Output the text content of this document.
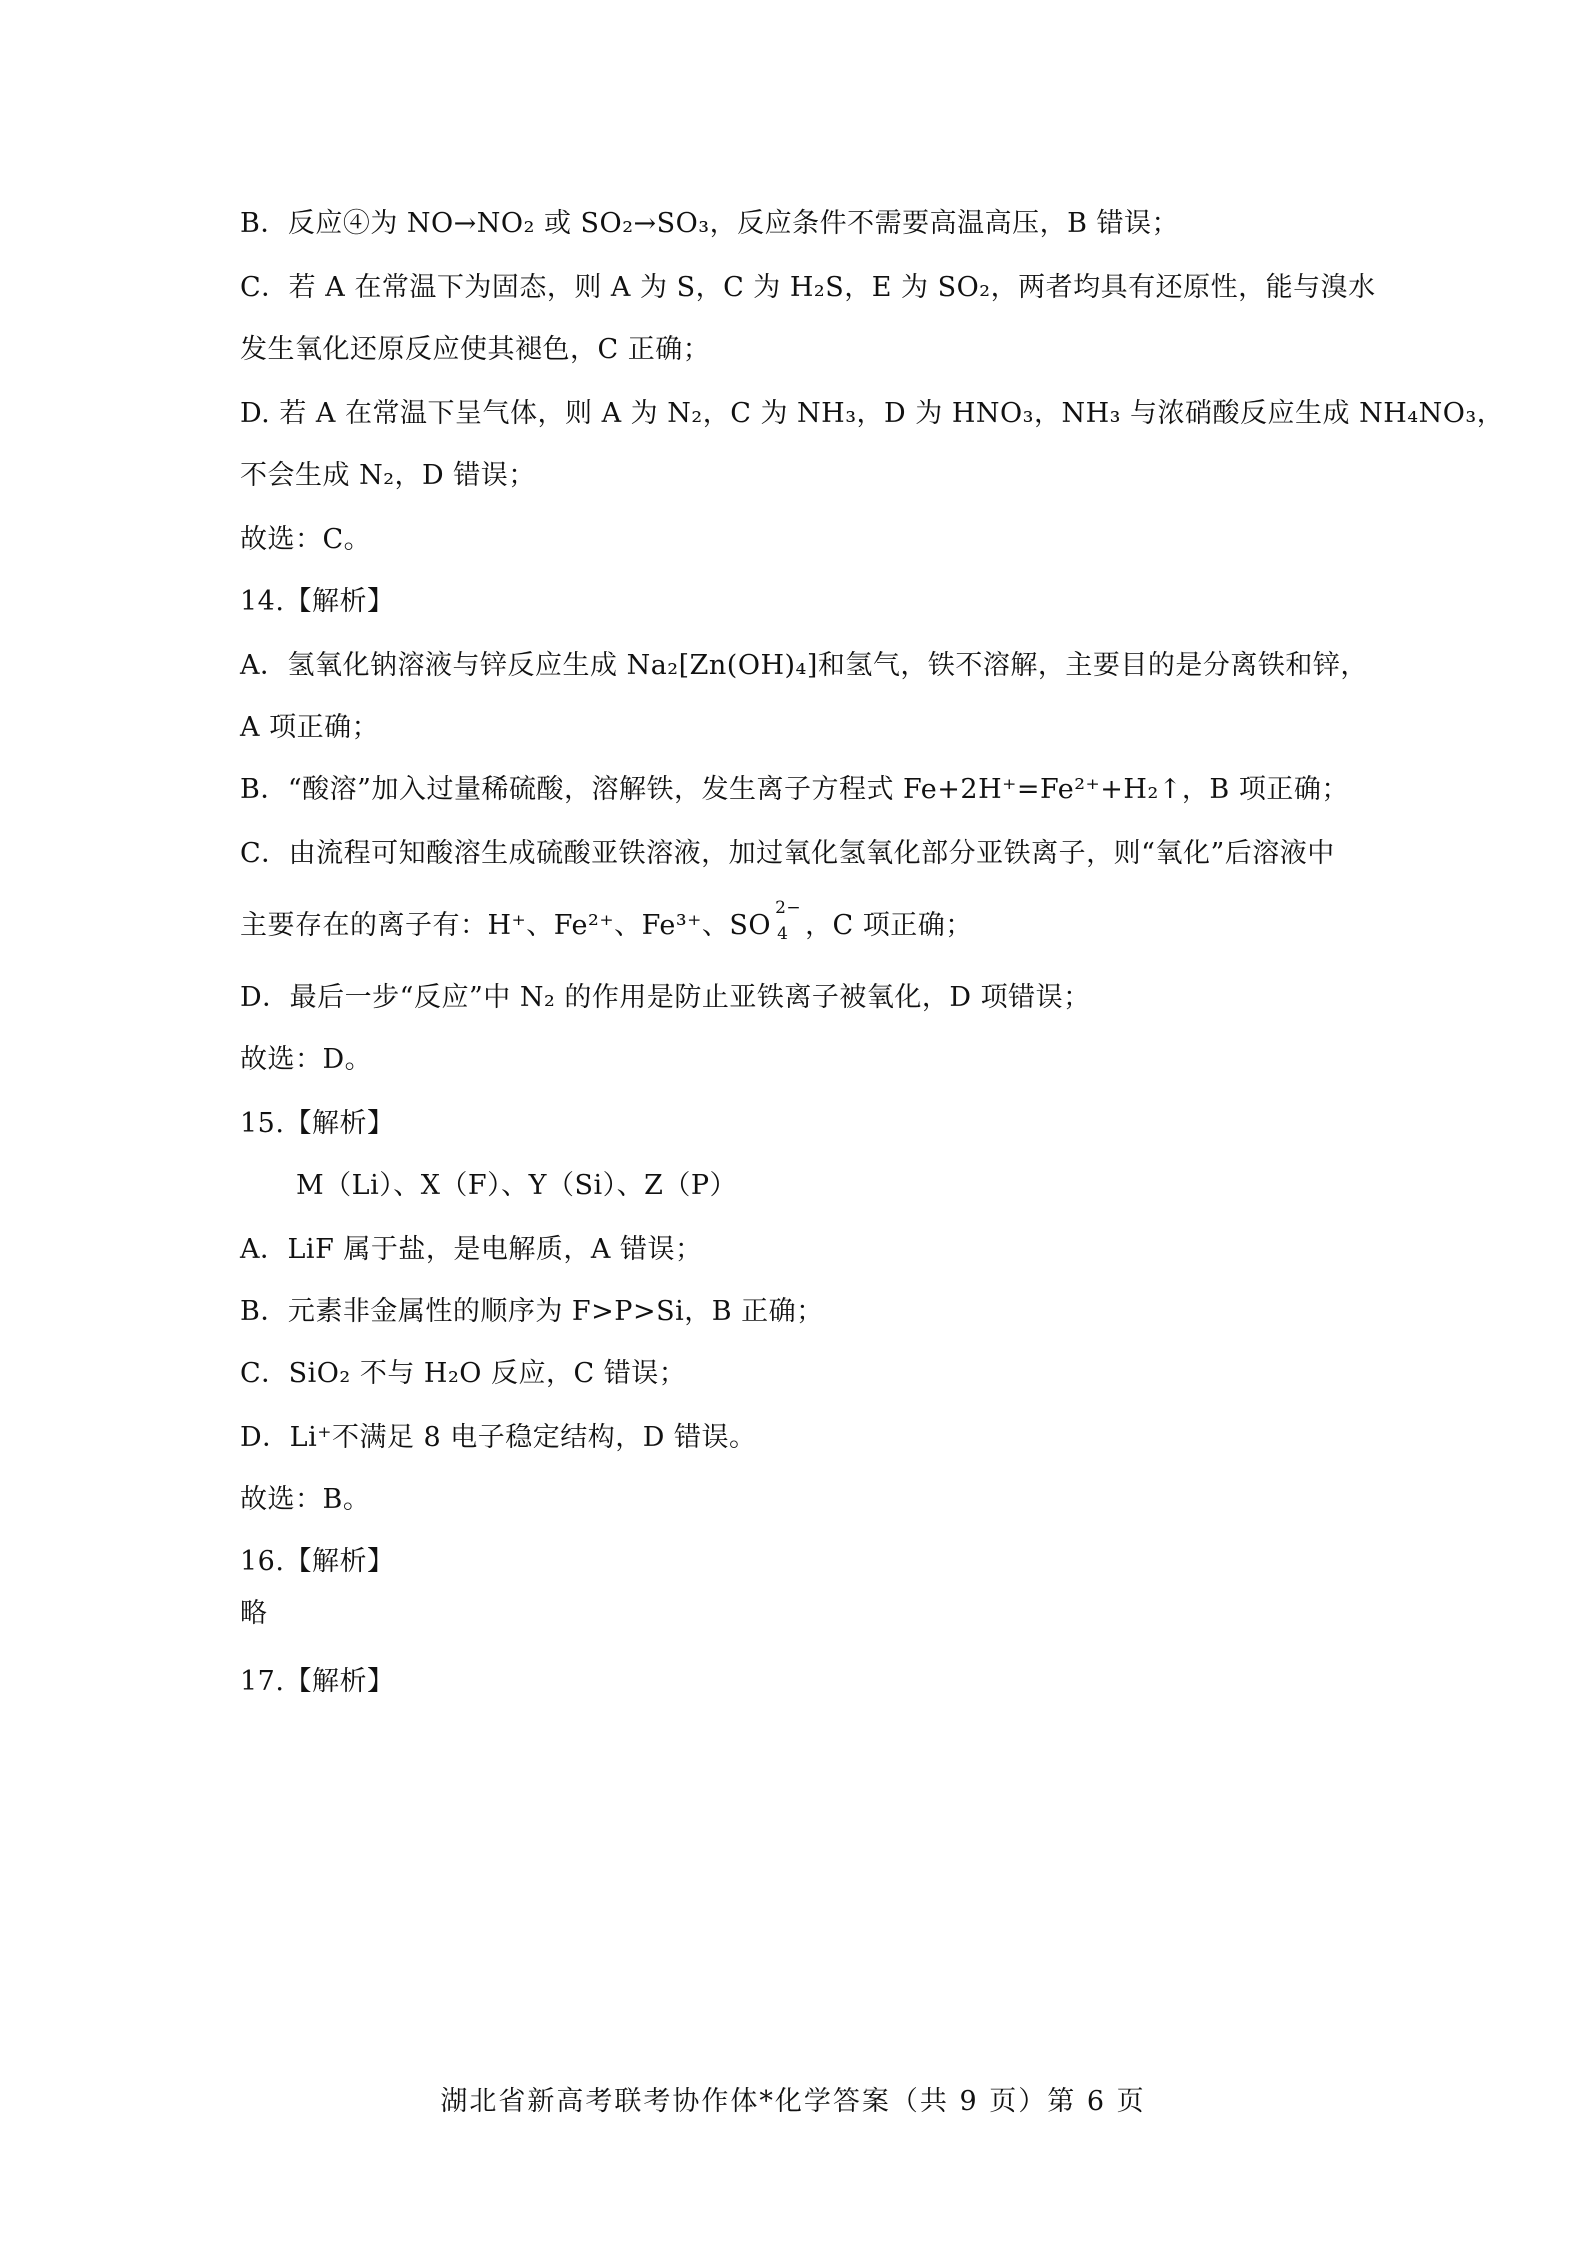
B．反应④为 NO→NO₂ 或 SO₂→SO₃，反应条件不需要高温高压，B 错误；
C．若 A 在常温下为固态，则 A 为 S，C 为 H₂S，E 为 SO₂，两者均具有还原性，能与溴水
发生氧化还原反应使其褪色，C 正确；
D. 若 A 在常温下呈气体，则 A 为 N₂，C 为 NH₃，D 为 HNO₃，NH₃ 与浓硝酸反应生成 NH₄NO₃，
不会生成 N₂，D 错误；
故选：C。
14.【解析】
A．氢氧化钠溶液与锌反应生成 Na₂[Zn(OH)₄]和氢气，铁不溶解，主要目的是分离铁和锌，
A 项正确；
B．“酸溶”加入过量稀硫酸，溶解铁，发生离子方程式 Fe+2H⁺=Fe²⁺+H₂↑，B 项正确；
C．由流程可知酸溶生成硫酸亚铁溶液，加过氧化氢氧化部分亚铁离子，则“氧化”后溶液中
主要存在的离子有：H⁺、Fe²⁺、Fe³⁺、SO
2−
4 ，C 项正确；
D．最后一步“反应”中 N₂ 的作用是防止亚铁离子被氧化，D 项错误；
故选：D。
15.【解析】
M（Li）、X（F）、Y（Si）、Z（P）
A．LiF 属于盐，是电解质，A 错误；
B．元素非金属性的顺序为 F>P>Si，B 正确；
C．SiO₂ 不与 H₂O 反应，C 错误；
D．Li⁺不满足 8 电子稳定结构，D 错误。
故选：B。
16.【解析】
略
17.【解析】
湖北省新高考联考协作体*化学答案（共 9 页）第 6 页
